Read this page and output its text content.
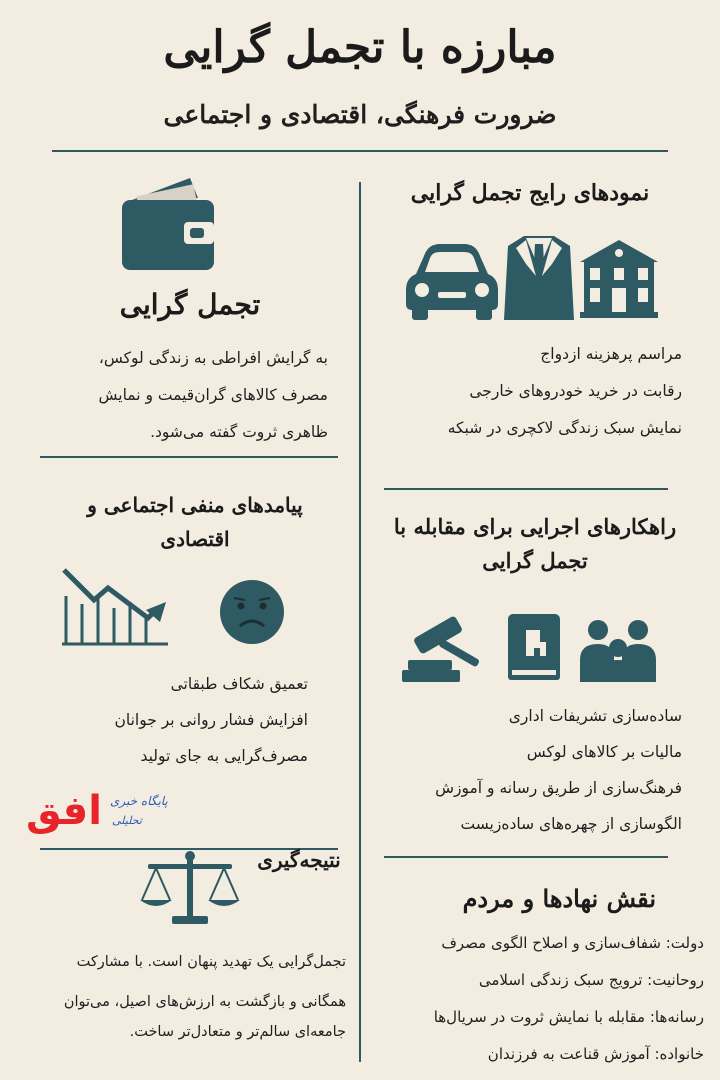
مبارزه با تجمل گرایی
ضرورت فرهنگی، اقتصادی و اجتماعی
نمودهای رایج تجمل گرایی
مراسم پرهزینه ازدواج
رقابت در خرید خودروهای خارجی
نمایش سبک زندگی لاکچری در شبکه
راهکارهای اجرایی برای مقابله با تجمل گرایی
ساده‌سازی تشریفات اداری
مالیات بر کالاهای لوکس
فرهنگ‌سازی از طریق رسانه و آموزش
الگوسازی از چهره‌های ساده‌زیست
نقش نهادها و مردم
دولت: شفاف‌سازی و اصلاح الگوی مصرف
روحانیت: ترویج سبک زندگی اسلامی
رسانه‌ها: مقابله با نمایش ثروت در سریال‌ها
خانواده: آموزش قناعت به فرزندان
تجمل گرایی
به گرایش افراطی به زندگی لوکس،
مصرف کالاهای گران‌قیمت و نمایش
ظاهری ثروت گفته می‌شود.
پیامدهای منفی اجتماعی و اقتصادی
تعمیق شکاف طبقاتی
افزایش فشار روانی بر جوانان
مصرف‌گرایی به جای تولید
افق پایگاه خبری
تحلیلی
نتیجه‌گیری
تجمل‌گرایی یک تهدید پنهان است. با مشارکت
همگانی و بازگشت به ارزش‌های اصیل، می‌توان
جامعه‌ای سالم‌تر و متعادل‌تر ساخت.
